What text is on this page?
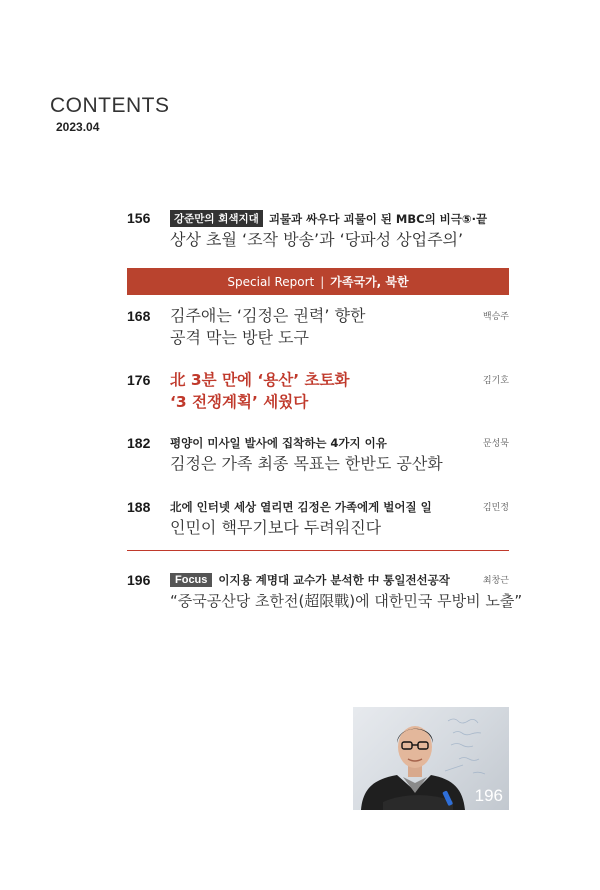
CONTENTS
2023.04
156	강준만의 회색지대 괴물과 싸우다 괴물이 된 MBC의 비극⑤·끝
상상 초월 ‘조작 방송’과 ‘당파성 상업주의’
Special Report | 가족국가, 북한
168 김주애는 ‘김정은 권력’ 향한
공격 막는 방탄 도구
백승주
176 北 3분 만에 ‘용산’ 초토화
‘3 전쟁계획’ 세웠다
김기호
182 평양이 미사일 발사에 집착하는 4가지 이유
김정은 가족 최종 목표는 한반도 공산화
문성묵
188 北에 인터넷 세상 열리면 김정은 가족에게 벌어질 일
인민이 핵무기보다 두려워진다
김민정
196	Focus 이지용 계명대 교수가 분석한 中 통일전선공작
“중국공산당 초한전(超限戰)에 대한민국 무방비 노출”
최창근
196
